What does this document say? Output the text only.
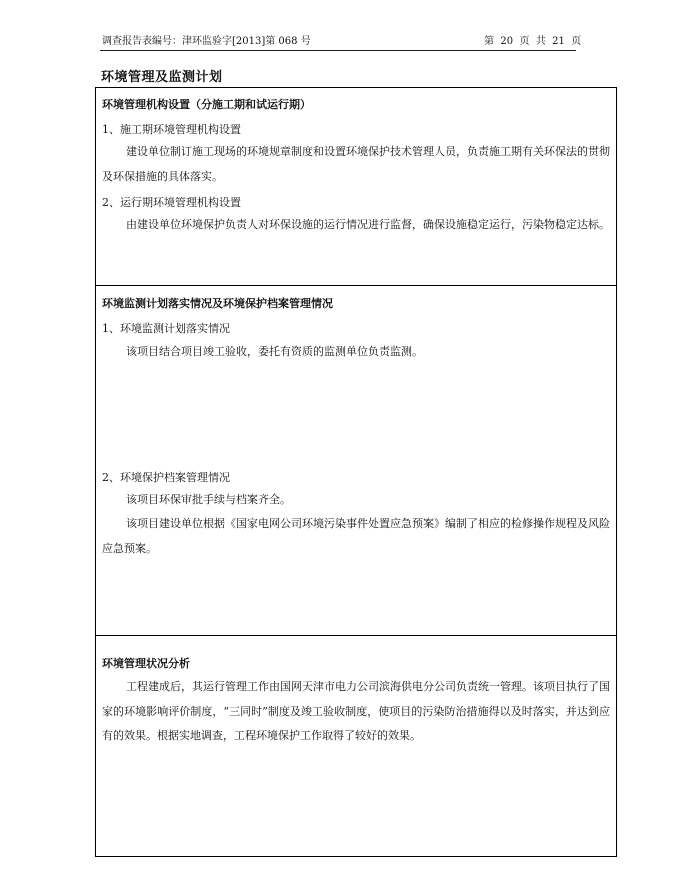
调查报告表编号：津环监验字[2013]第 068 号	第  20  页  共  21  页
环境管理及监测计划
环境管理机构设置（分施工期和试运行期）
1、施工期环境管理机构设置
建设单位制订施工现场的环境规章制度和设置环境保护技术管理人员，负责施工期有关环保法的贯彻及环保措施的具体落实。
2、运行期环境管理机构设置
由建设单位环境保护负责人对环保设施的运行情况进行监督，确保设施稳定运行，污染物稳定达标。
环境监测计划落实情况及环境保护档案管理情况
1、环境监测计划落实情况
该项目结合项目竣工验收，委托有资质的监测单位负责监测。
2、环境保护档案管理情况
该项目环保审批手续与档案齐全。
该项目建设单位根据《国家电网公司环境污染事件处置应急预案》编制了相应的检修操作规程及风险应急预案。
环境管理状况分析
工程建成后，其运行管理工作由国网天津市电力公司滨海供电分公司负责统一管理。该项目执行了国家的环境影响评价制度，“三同时”制度及竣工验收制度，使项目的污染防治措施得以及时落实，并达到应有的效果。根据实地调查，工程环境保护工作取得了较好的效果。
